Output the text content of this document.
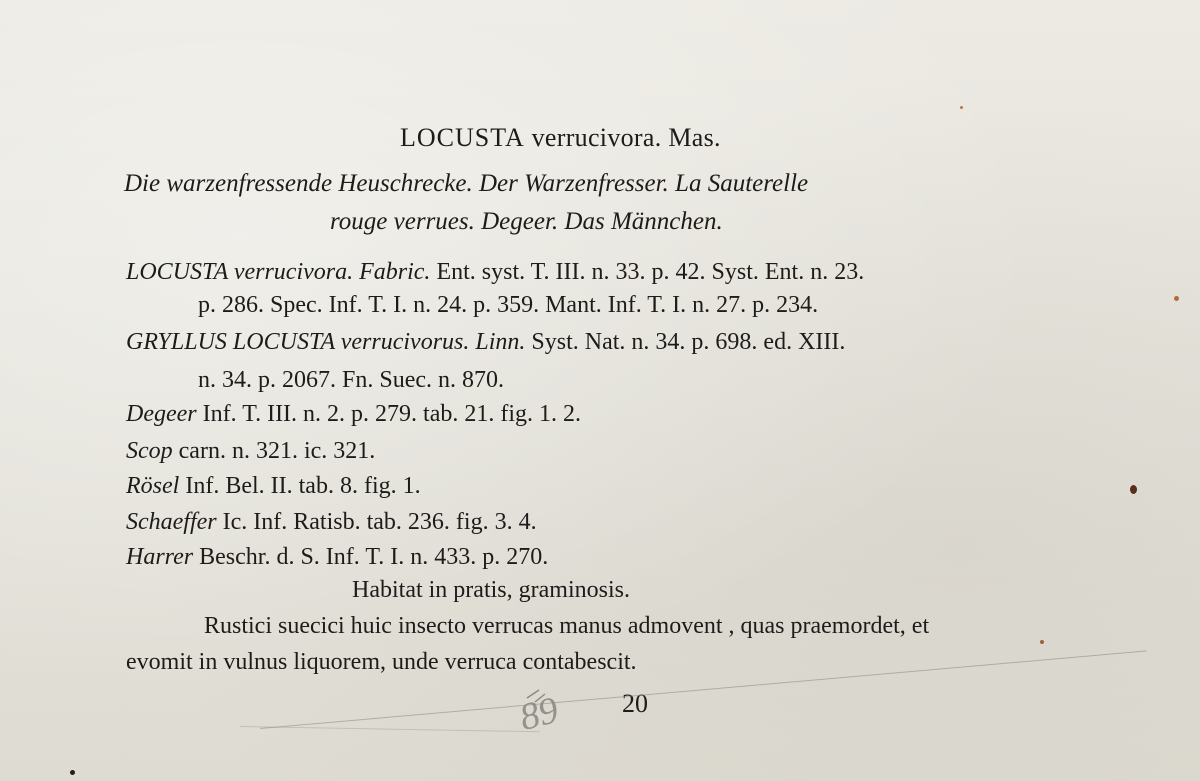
LOCUSTA verrucivora. Mas.
Die warzenfressende Heuschrecke. Der Warzenfresser. La Sauterelle
rouge verrues. Degeer. Das Männchen.
LOCUSTA verrucivora. Fabric. Ent. syst. T. III. n. 33. p. 42. Syst. Ent. n. 23.
p. 286. Spec. Inf. T. I. n. 24. p. 359. Mant. Inf. T. I. n. 27. p. 234.
GRYLLUS LOCUSTA verrucivorus. Linn. Syst. Nat. n. 34. p. 698. ed. XIII.
n. 34. p. 2067. Fn. Suec. n. 870.
Degeer Inf. T. III. n. 2. p. 279. tab. 21. fig. 1. 2.
Scop carn. n. 321. ic. 321.
Rösel Inf. Bel. II. tab. 8. fig. 1.
Schaeffer Ic. Inf. Ratisb. tab. 236. fig. 3. 4.
Harrer Beschr. d. S. Inf. T. I. n. 433. p. 270.
Habitat in pratis, graminosis.
Rustici suecici huic insecto verrucas manus admovent , quas praemordet, et
evomit in vulnus liquorem, unde verruca contabescit.
20
89
